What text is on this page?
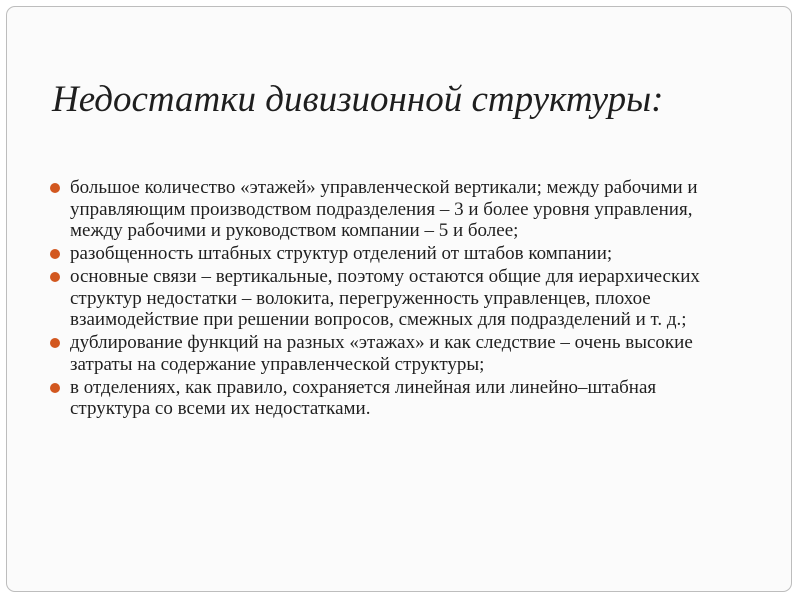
Недостатки дивизионной структуры:
большое количество «этажей» управленческой вертикали; между рабочими и управляющим производством подразделения – 3 и более уровня управления, между рабочими и руководством компании – 5 и более;
разобщенность штабных структур отделений от штабов компании;
основные связи – вертикальные, поэтому остаются общие для иерархических структур недостатки – волокита, перегруженность управленцев, плохое взаимодействие при решении вопросов, смежных для подразделений и т. д.;
дублирование функций на разных «этажах» и как следствие – очень высокие затраты на содержание управленческой структуры;
в отделениях, как правило, сохраняется линейная или линейно–штабная структура со всеми их недостатками.
